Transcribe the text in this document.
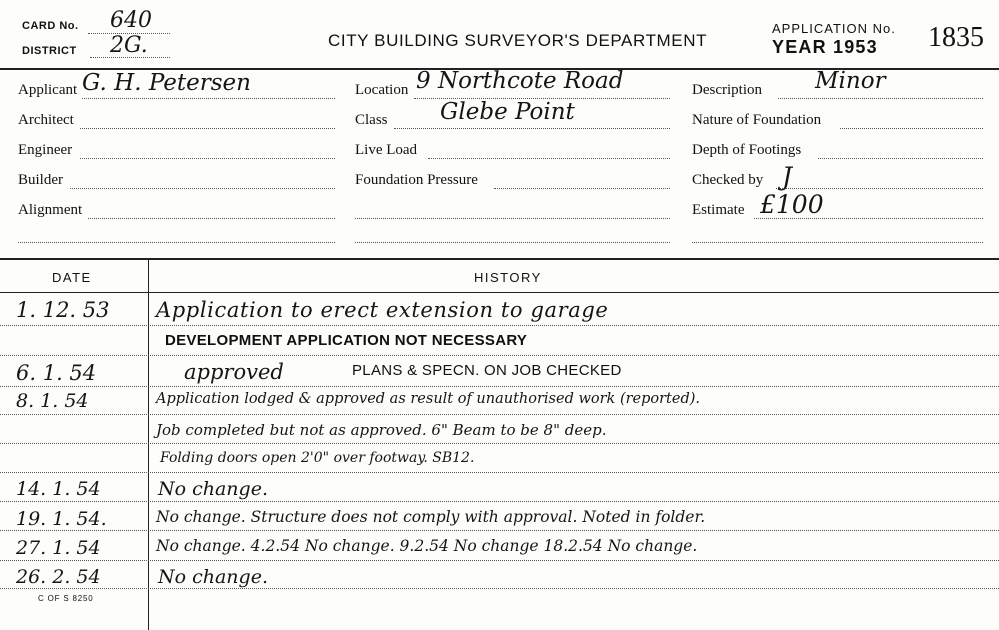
CARD No. 640
DISTRICT 2G.	CITY BUILDING SURVEYOR'S DEPARTMENT
APPLICATION No.
YEAR 1953 1835
Applicant G. H. Petersen
Architect
Engineer
Builder
Alignment
Location 9 Northcote Road
Class Glebe Point
Live Load
Foundation Pressure
Description Minor
Nature of Foundation
Depth of Footings
Checked by J
Estimate £100
DATE	HISTORY
1. 12. 53 Application to erect extension to garage
DEVELOPMENT APPLICATION NOT NECESSARY
6. 1. 54	approved	PLANS & SPECN. ON JOB CHECKED
8. 1. 54	Application lodged & approved as result of unauthorised work (reported).
Job completed but not as approved. 6" Beam to be 8" deep.
Folding doors open 2'0" over footway. SB12.
14. 1. 54	No change.
19. 1. 54.	No change. Structure does not comply with approval. Noted in folder.
27. 1. 54	No change. 4.2.54 No change. 9.2.54 No change 18.2.54 No change.
26. 2. 54	No change.
C OF S 8250
